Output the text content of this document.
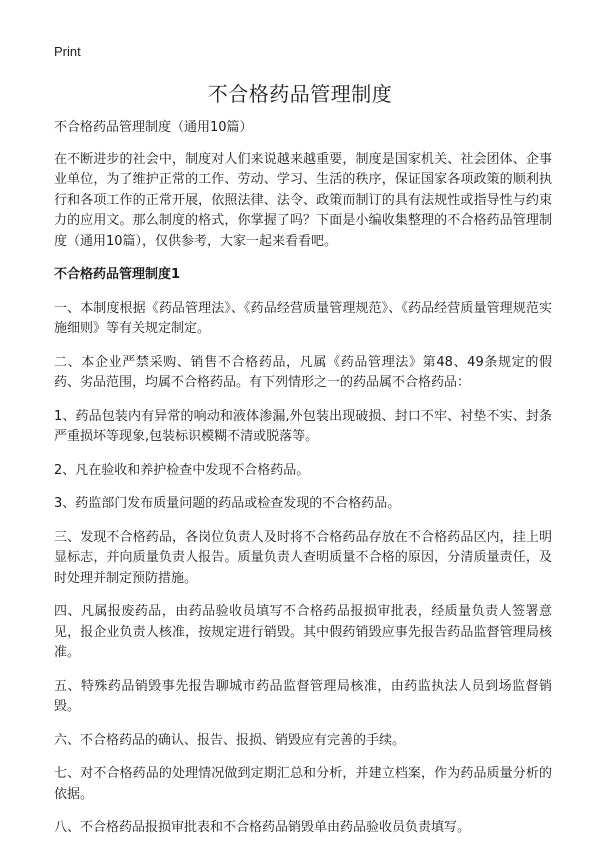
Print
不合格药品管理制度

不合格药品管理制度（通用10篇）

在不断进步的社会中，制度对人们来说越来越重要，制度是国家机关、社会团体、企事业单位，为了维护正常的工作、劳动、学习、生活的秩序，保证国家各项政策的顺利执行和各项工作的正常开展，依照法律、法令、政策而制订的具有法规性或指导性与约束力的应用文。那么制度的格式，你掌握了吗？下面是小编收集整理的不合格药品管理制度（通用10篇），仅供参考，大家一起来看看吧。

不合格药品管理制度1

一、本制度根据《药品管理法》、《药品经营质量管理规范》、《药品经营质量管理规范实施细则》等有关规定制定。

二、本企业严禁采购、销售不合格药品，凡属《药品管理法》第48、49条规定的假药、劣品范围，均属不合格药品。有下列情形之一的药品属不合格药品：

1、药品包装内有异常的响动和液体渗漏,外包装出现破损、封口不牢、衬垫不实、封条严重损坏等现象,包装标识模糊不清或脱落等。

2、凡在验收和养护检查中发现不合格药品。

3、药监部门发布质量问题的药品或检查发现的不合格药品。

三、发现不合格药品，各岗位负责人及时将不合格药品存放在不合格药品区内，挂上明显标志，并向质量负责人报告。质量负责人查明质量不合格的原因，分清质量责任，及时处理并制定预防措施。

四、凡属报废药品，由药品验收员填写不合格药品报损审批表，经质量负责人签署意见，报企业负责人核准，按规定进行销毁。其中假药销毁应事先报告药品监督管理局核准。

五、特殊药品销毁事先报告聊城市药品监督管理局核准，由药监执法人员到场监督销毁。

六、不合格药品的确认、报告、报损、销毁应有完善的手续。

七、对不合格药品的处理情况做到定期汇总和分析，并建立档案，作为药品质量分析的依据。

八、不合格药品报损审批表和不合格药品销毁单由药品验收员负责填写。
